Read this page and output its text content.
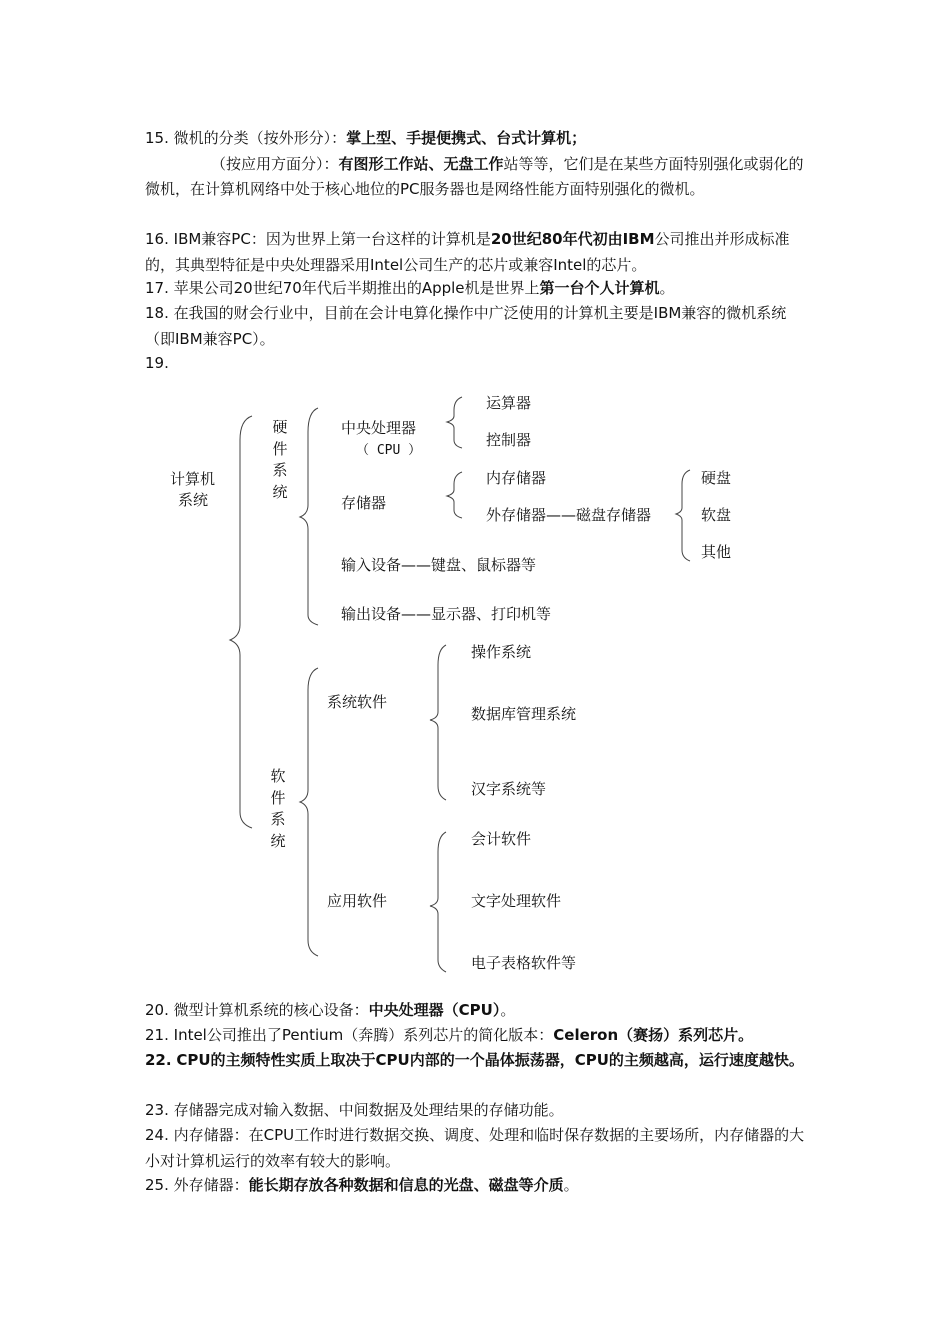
15. 微机的分类（按外形分）：掌上型、手提便携式、台式计算机；
（按应用方面分）：有图形工作站、无盘工作站等等，它们是在某些方面特别强化或弱化的微机，在计算机网络中处于核心地位的PC服务器也是网络性能方面特别强化的微机。
16. IBM兼容PC：因为世界上第一台这样的计算机是20世纪80年代初由IBM公司推出并形成标准的，其典型特征是中央处理器采用Intel公司生产的芯片或兼容Intel的芯片。
17. 苹果公司20世纪70年代后半期推出的Apple机是世界上第一台个人计算机。
18. 在我国的财会行业中，目前在会计电算化操作中广泛使用的计算机主要是IBM兼容的微机系统（即IBM兼容PC）。
19.
计算机
系统
硬
件
系
统
中央处理器
（ CPU ）
运算器
控制器
存储器
内存储器
外存储器——磁盘存储器
硬盘
软盘
其他
输入设备——键盘、鼠标器等
输出设备——显示器、打印机等
软
件
系
统
系统软件
操作系统
数据库管理系统
汉字系统等
应用软件
会计软件
文字处理软件
电子表格软件等
20. 微型计算机系统的核心设备：中央处理器（CPU）。
21. Intel公司推出了Pentium（奔腾）系列芯片的简化版本：Celeron（赛扬）系列芯片。
22. CPU的主频特性实质上取决于CPU内部的一个晶体振荡器，CPU的主频越高，运行速度越快。
23. 存储器完成对输入数据、中间数据及处理结果的存储功能。
24. 内存储器：在CPU工作时进行数据交换、调度、处理和临时保存数据的主要场所，内存储器的大小对计算机运行的效率有较大的影响。
25. 外存储器：能长期存放各种数据和信息的光盘、磁盘等介质。
